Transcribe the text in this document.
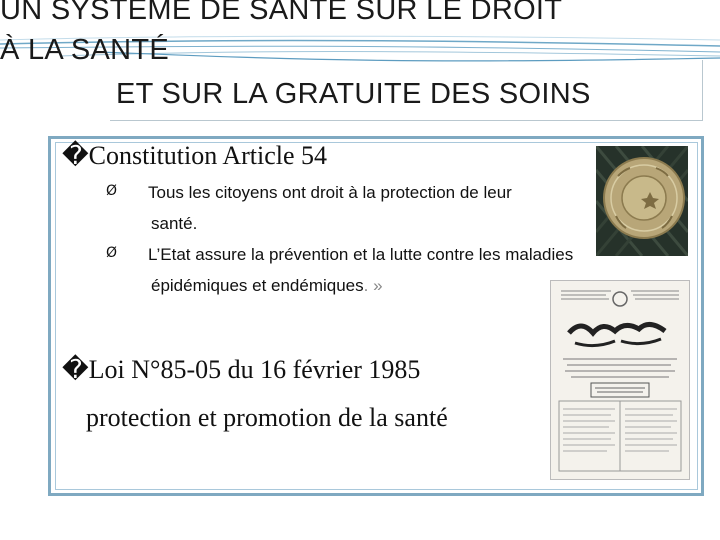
UN SYSTEME DE SANTE SUR LE DROIT
À LA SANTÉ
ET SUR LA GRATUITE DES SOINS
�Constitution Article 54
Ø Tous les citoyens ont droit à la protection de leur
santé.
Ø L’Etat assure la prévention et la lutte contre les maladies
épidémiques et endémiques. »
�Loi N°85-05 du 16 février 1985
protection et promotion de la santé
